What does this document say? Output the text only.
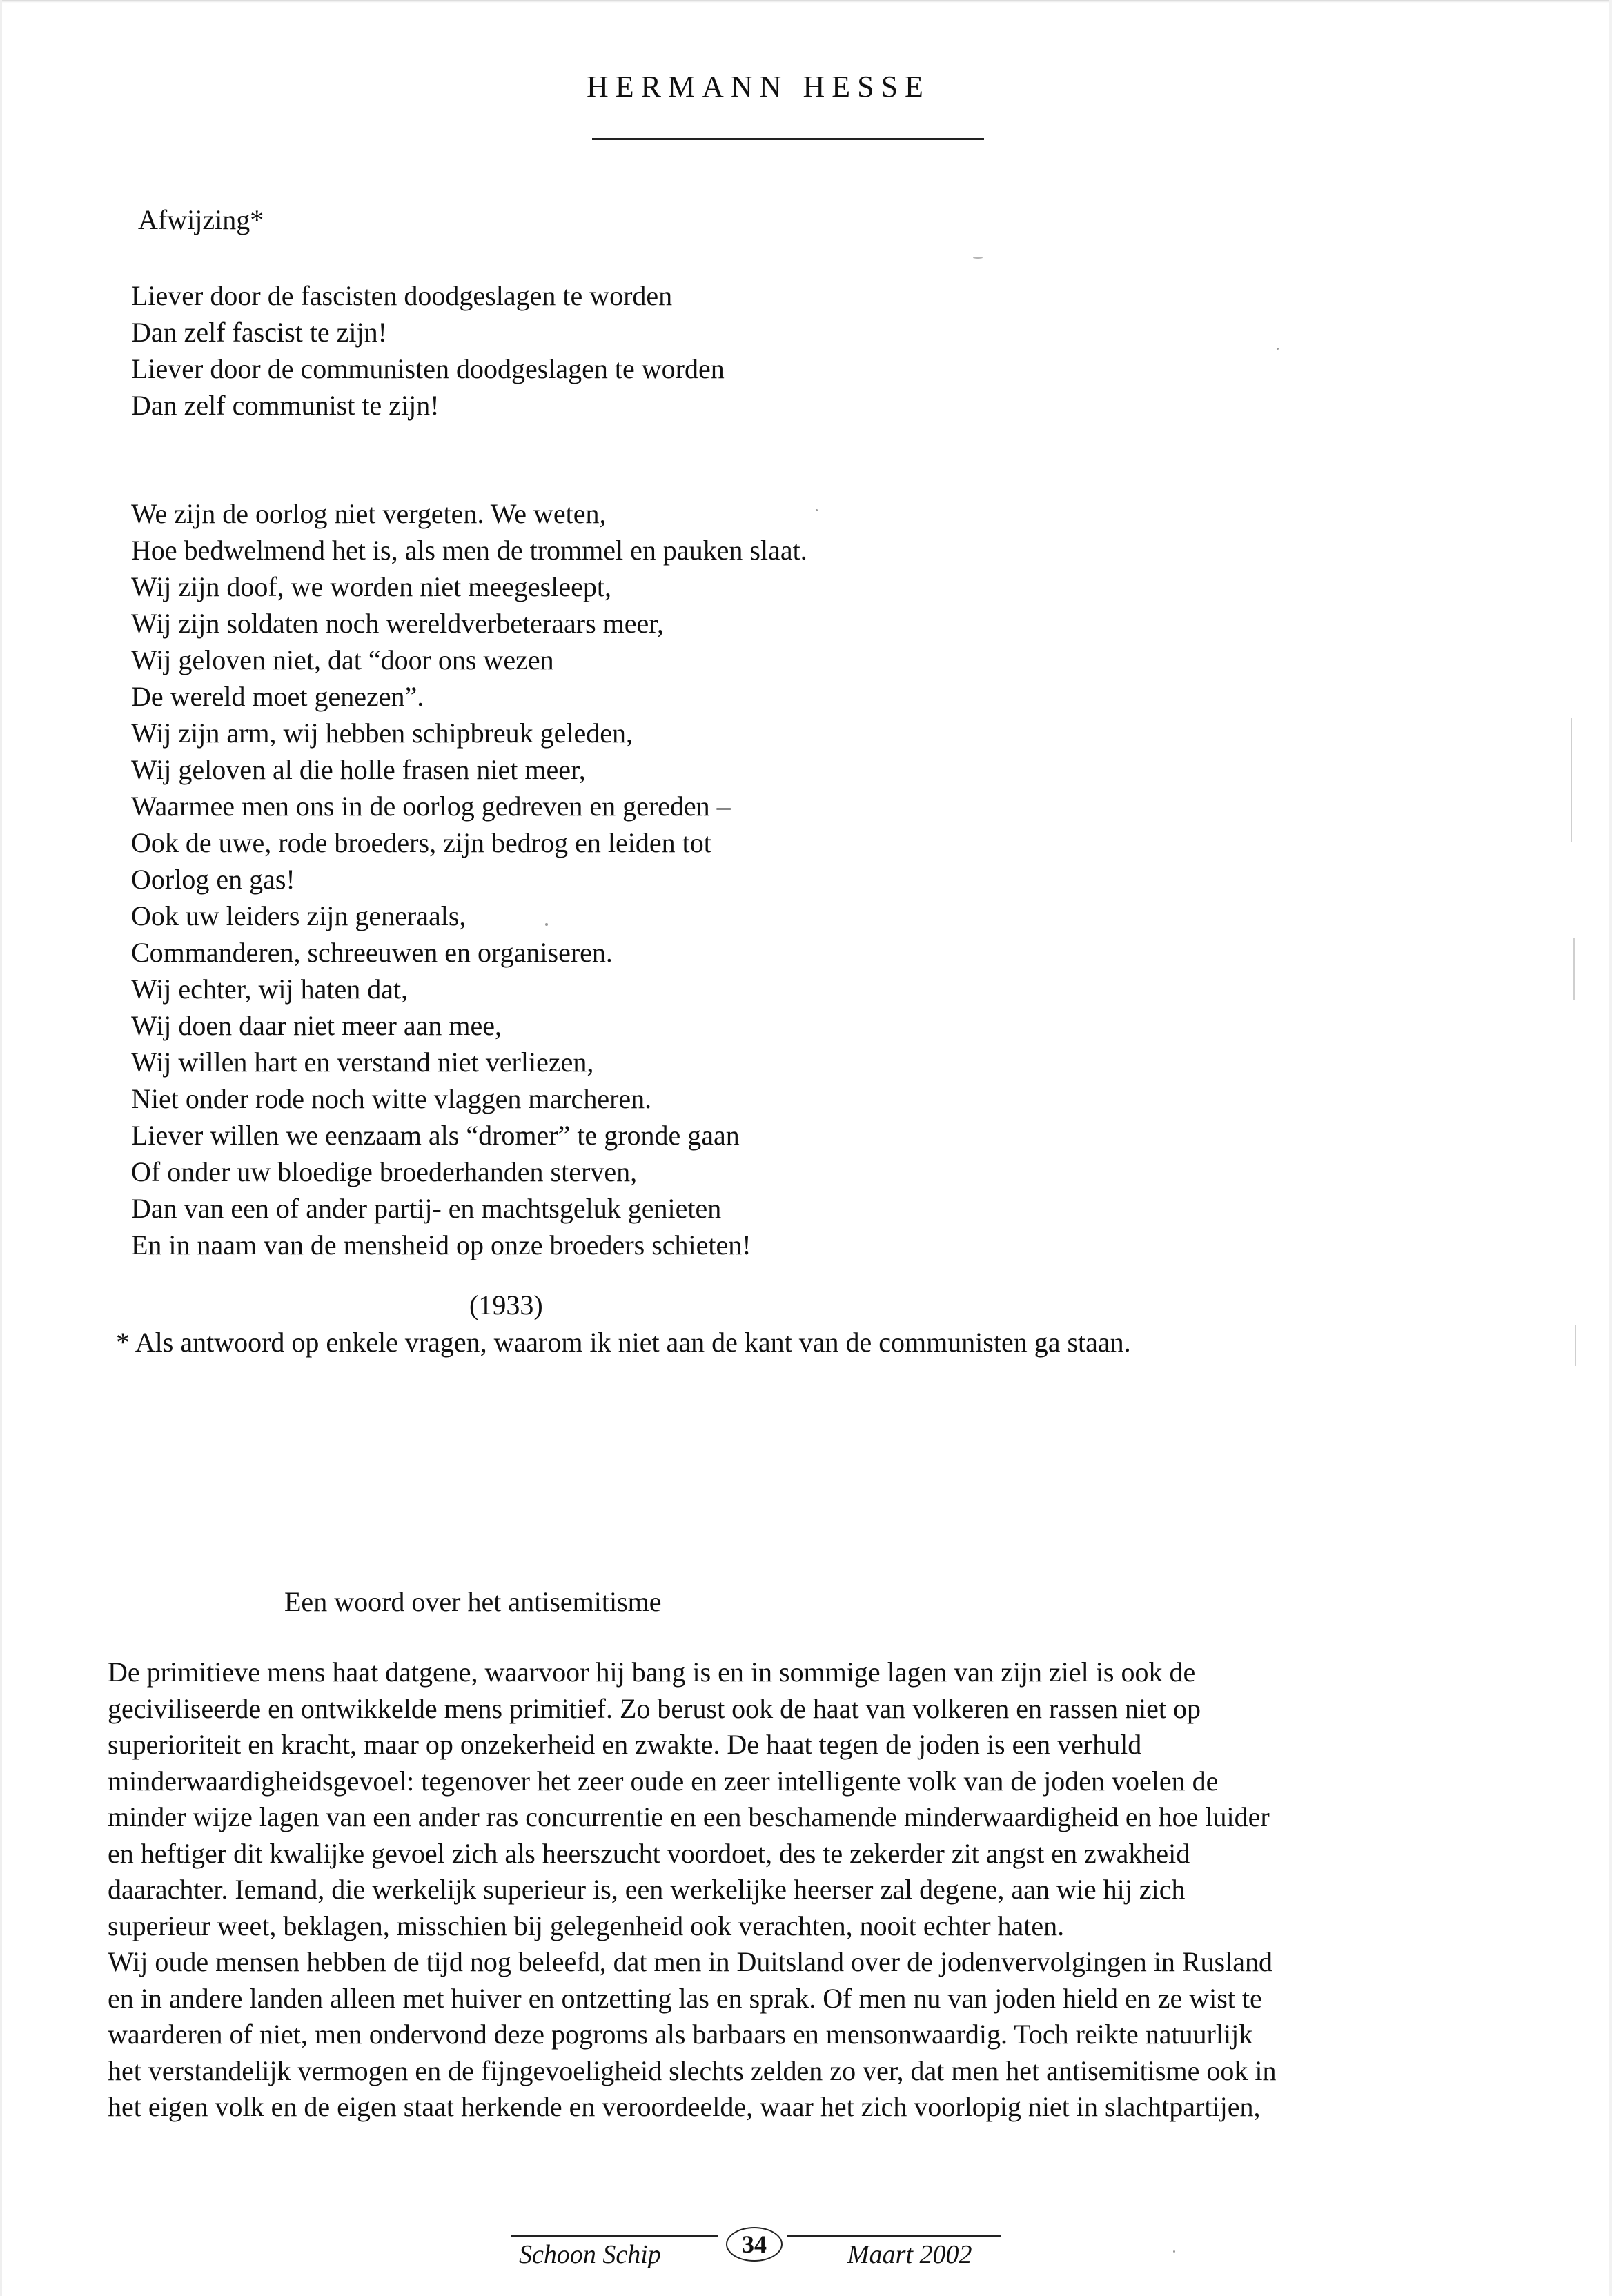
HERMANN HESSE
Afwijzing*
Liever door de fascisten doodgeslagen te worden
Dan zelf fascist te zijn!
Liever door de communisten doodgeslagen te worden
Dan zelf communist te zijn!
We zijn de oorlog niet vergeten. We weten,
Hoe bedwelmend het is, als men de trommel en pauken slaat.
Wij zijn doof, we worden niet meegesleept,
Wij zijn soldaten noch wereldverbeteraars meer,
Wij geloven niet, dat “door ons wezen
De wereld moet genezen”.
Wij zijn arm, wij hebben schipbreuk geleden,
Wij geloven al die holle frasen niet meer,
Waarmee men ons in de oorlog gedreven en gereden –
Ook de uwe, rode broeders, zijn bedrog en leiden tot
Oorlog en gas!
Ook uw leiders zijn generaals,
Commanderen, schreeuwen en organiseren.
Wij echter, wij haten dat,
Wij doen daar niet meer aan mee,
Wij willen hart en verstand niet verliezen,
Niet onder rode noch witte vlaggen marcheren.
Liever willen we eenzaam als “dromer” te gronde gaan
Of onder uw bloedige broederhanden sterven,
Dan van een of ander partij- en machtsgeluk genieten
En in naam van de mensheid op onze broeders schieten!
(1933)
* Als antwoord op enkele vragen, waarom ik niet aan de kant van de communisten ga staan.
Een woord over het antisemitisme
De primitieve mens haat datgene, waarvoor hij bang is en in sommige lagen van zijn ziel is ook de
geciviliseerde en ontwikkelde mens primitief. Zo berust ook de haat van volkeren en rassen niet op
superioriteit en kracht, maar op onzekerheid en zwakte. De haat tegen de joden is een verhuld
minderwaardigheidsgevoel: tegenover het zeer oude en zeer intelligente volk van de joden voelen de
minder wijze lagen van een ander ras concurrentie en een beschamende minderwaardigheid en hoe luider
en heftiger dit kwalijke gevoel zich als heerszucht voordoet, des te zekerder zit angst en zwakheid
daarachter. Iemand, die werkelijk superieur is, een werkelijke heerser zal degene, aan wie hij zich
superieur weet, beklagen, misschien bij gelegenheid ook verachten, nooit echter haten.
Wij oude mensen hebben de tijd nog beleefd, dat men in Duitsland over de jodenvervolgingen in Rusland
en in andere landen alleen met huiver en ontzetting las en sprak. Of men nu van joden hield en ze wist te
waarderen of niet, men ondervond deze pogroms als barbaars en mensonwaardig. Toch reikte natuurlijk
het verstandelijk vermogen en de fijngevoeligheid slechts zelden zo ver, dat men het antisemitisme ook in
het eigen volk en de eigen staat herkende en veroordeelde, waar het zich voorlopig niet in slachtpartijen,
Schoon Schip	34	Maart 2002
